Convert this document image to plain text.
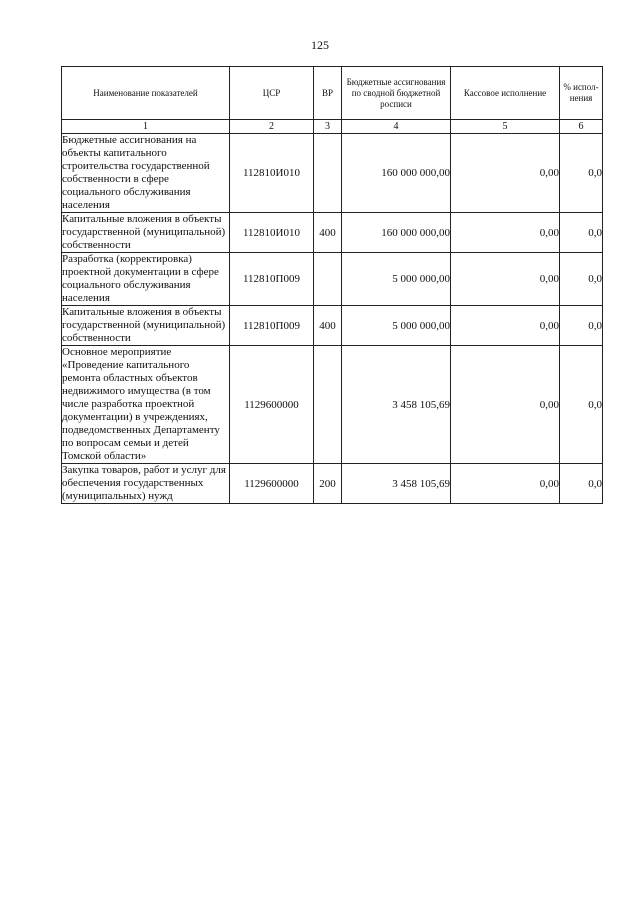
125
Наименование показателей	ЦСР	ВР	Бюджетные ассигнования по сводной бюджетной росписи	Кассовое исполнение	% испол-нения
1	2	3	4	5	6
Бюджетные ассигнования на объекты капитального строительства государственной собственности в сфере социального обслуживания населения	112810И010		160 000 000,00	0,00	0,0
Капитальные вложения в объекты государственной (муниципальной) собственности	112810И010	400	160 000 000,00	0,00	0,0
Разработка (корректировка) проектной документации в сфере социального обслуживания населения	112810П009		5 000 000,00	0,00	0,0
Капитальные вложения в объекты государственной (муниципальной) собственности	112810П009	400	5 000 000,00	0,00	0,0
Основное мероприятие «Проведение капитального ремонта областных объектов недвижимого имущества (в том числе разработка проектной документации) в учреждениях, подведомственных Департаменту по вопросам семьи и детей Томской области»	1129600000		3 458 105,69	0,00	0,0
Закупка товаров, работ и услуг для обеспечения государственных (муниципальных) нужд	1129600000	200	3 458 105,69	0,00	0,0
